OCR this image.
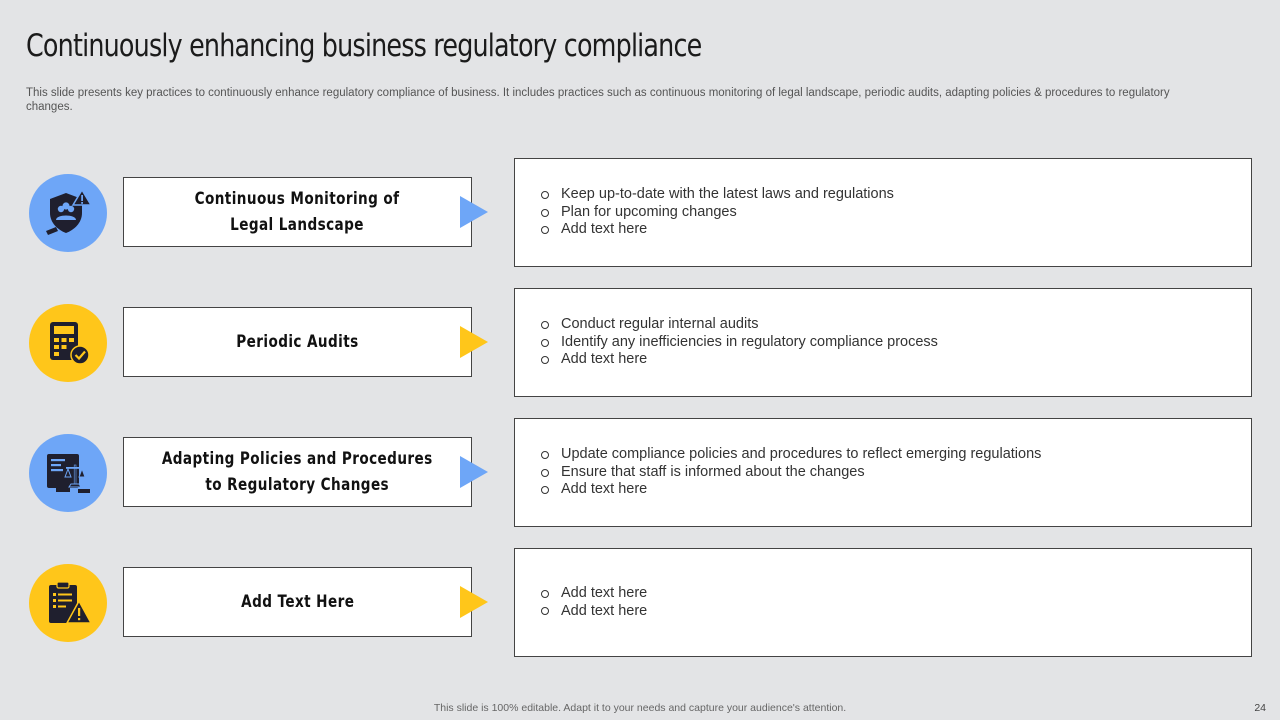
Continuously enhancing business regulatory compliance
This slide presents key practices to continuously enhance regulatory compliance of business. It includes practices such as continuous monitoring of legal landscape, periodic audits, adapting policies & procedures to regulatory changes.
Continuous Monitoring of
Legal Landscape
Keep up-to-date with the latest laws and regulations
Plan for upcoming changes
Add text here
Periodic Audits
Conduct regular internal audits
Identify any inefficiencies in regulatory compliance process
Add text here
Adapting Policies and Procedures
to Regulatory Changes
Update compliance policies and procedures to reflect emerging regulations
Ensure that staff is informed about the changes
Add text here
Add Text Here	Add text here
Add text here
This slide is 100% editable. Adapt it to your needs and capture your audience's attention.	24
